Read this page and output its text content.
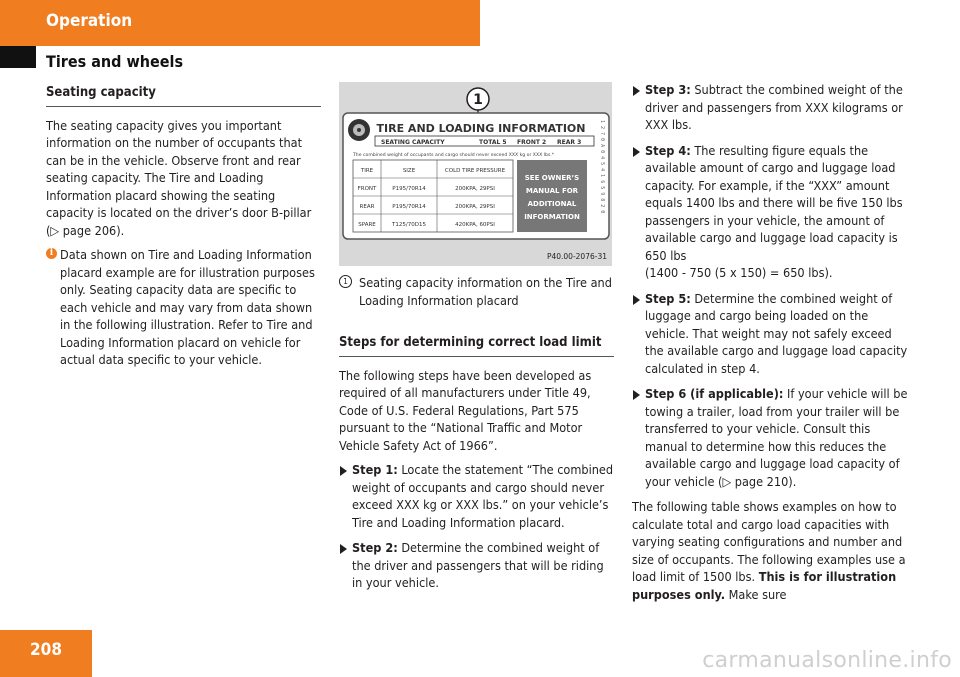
Operation
Tires and wheels
Seating capacity

The seating capacity gives you important information on the number of occupants that can be in the vehicle. Observe front and rear seating capacity. The Tire and Loading Information placard showing the seating capacity is located on the driver’s door B-pillar (▷ page 206).

i Data shown on Tire and Loading Information placard example are for illustration purposes only. Seating capacity data are specific to each vehicle and may vary from data shown in the following illustration. Refer to Tire and Loading Information placard on vehicle for actual data specific to your vehicle.
1
TIRE AND LOADING INFORMATION
SEATING CAPACITY	TOTAL 5 FRONT 2 REAR 3
The combined weight of occupants and cargo should never exceed XXX kg or XXX lbs.*
TIRE	SIZE	COLD TIRE PRESSURE
FRONT	P195/70R14	200KPA, 29PSI
REAR	P195/70R14	200KPA, 29PSI
SPARE	T125/70D15	420KPA, 60PSI
SEE OWNER’S
MANUAL FOR
ADDITIONAL
INFORMATION
1 2 7 0 A 0 4 5 4 1 6 5 9 8 2 0
P40.00-2076-31
1 Seating capacity information on the Tire and Loading Information placard
Steps for determining correct load limit

The following steps have been developed as required of all manufacturers under Title 49, Code of U.S. Federal Regulations, Part 575 pursuant to the “National Traffic and Motor Vehicle Safety Act of 1966”.

Step 1: Locate the statement “The combined weight of occupants and cargo should never exceed XXX kg or XXX lbs.” on your vehicle’s Tire and Loading Information placard.
Step 2: Determine the combined weight of the driver and passengers that will be riding in your vehicle.
Step 3: Subtract the combined weight of the driver and passengers from XXX kilograms or XXX lbs.
Step 4: The resulting figure equals the available amount of cargo and luggage load capacity. For example, if the “XXX” amount equals 1400 lbs and there will be five 150 lbs passengers in your vehicle, the amount of available cargo and luggage load capacity is 650 lbs
(1400 - 750 (5 x 150) = 650 lbs).
Step 5: Determine the combined weight of luggage and cargo being loaded on the vehicle. That weight may not safely exceed the available cargo and luggage load capacity calculated in step 4.
Step 6 (if applicable): If your vehicle will be towing a trailer, load from your trailer will be transferred to your vehicle. Consult this manual to determine how this reduces the available cargo and luggage load capacity of your vehicle (▷ page 210).

The following table shows examples on how to calculate total and cargo load capacities with varying seating configurations and number and size of occupants. The following examples use a load limit of 1500 lbs. This is for illustration purposes only. Make sure

208	carmanualsonline.info
